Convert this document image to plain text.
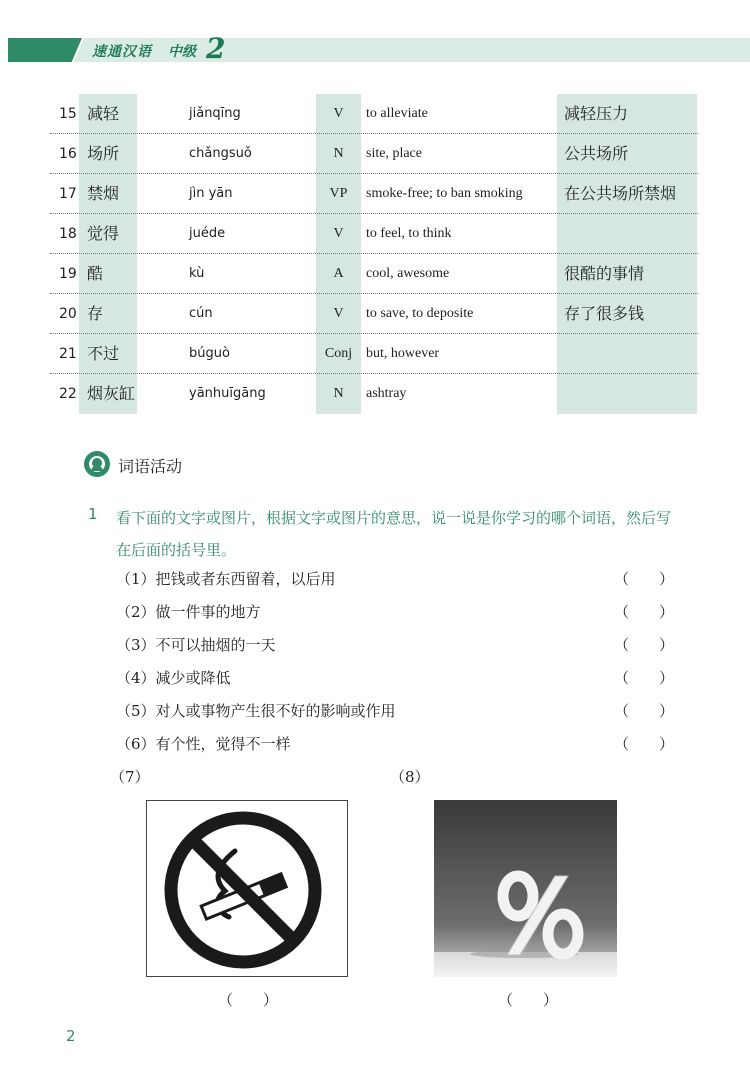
速通汉语 中级 2
15 减轻	jiǎnqīng	V	to alleviate	减轻压力
16 场所	chǎngsuǒ	N	site, place	公共场所
17 禁烟	jìn yān	VP	smoke-free; to ban smoking	在公共场所禁烟
18 觉得	juéde	V	to feel, to think
19 酷	kù	A	cool, awesome	很酷的事情
20 存	cún	V	to save, to deposite	存了很多钱
21 不过	búguò	Conj but, however
22 烟灰缸	yānhuīgāng	N	ashtray
词语活动
1 看下面的文字或图片，根据文字或图片的意思，说一说是你学习的哪个词语，然后写在后面的括号里。
（1）把钱或者东西留着，以后用	（　　）
（2）做一件事的地方	（　　）
（3）不可以抽烟的一天	（　　）
（4）减少或降低	（　　）
（5）对人或事物产生很不好的影响或作用	（　　）
（6）有个性，觉得不一样	（　　）
（7）	（8）
（　　）	（　　）
2
